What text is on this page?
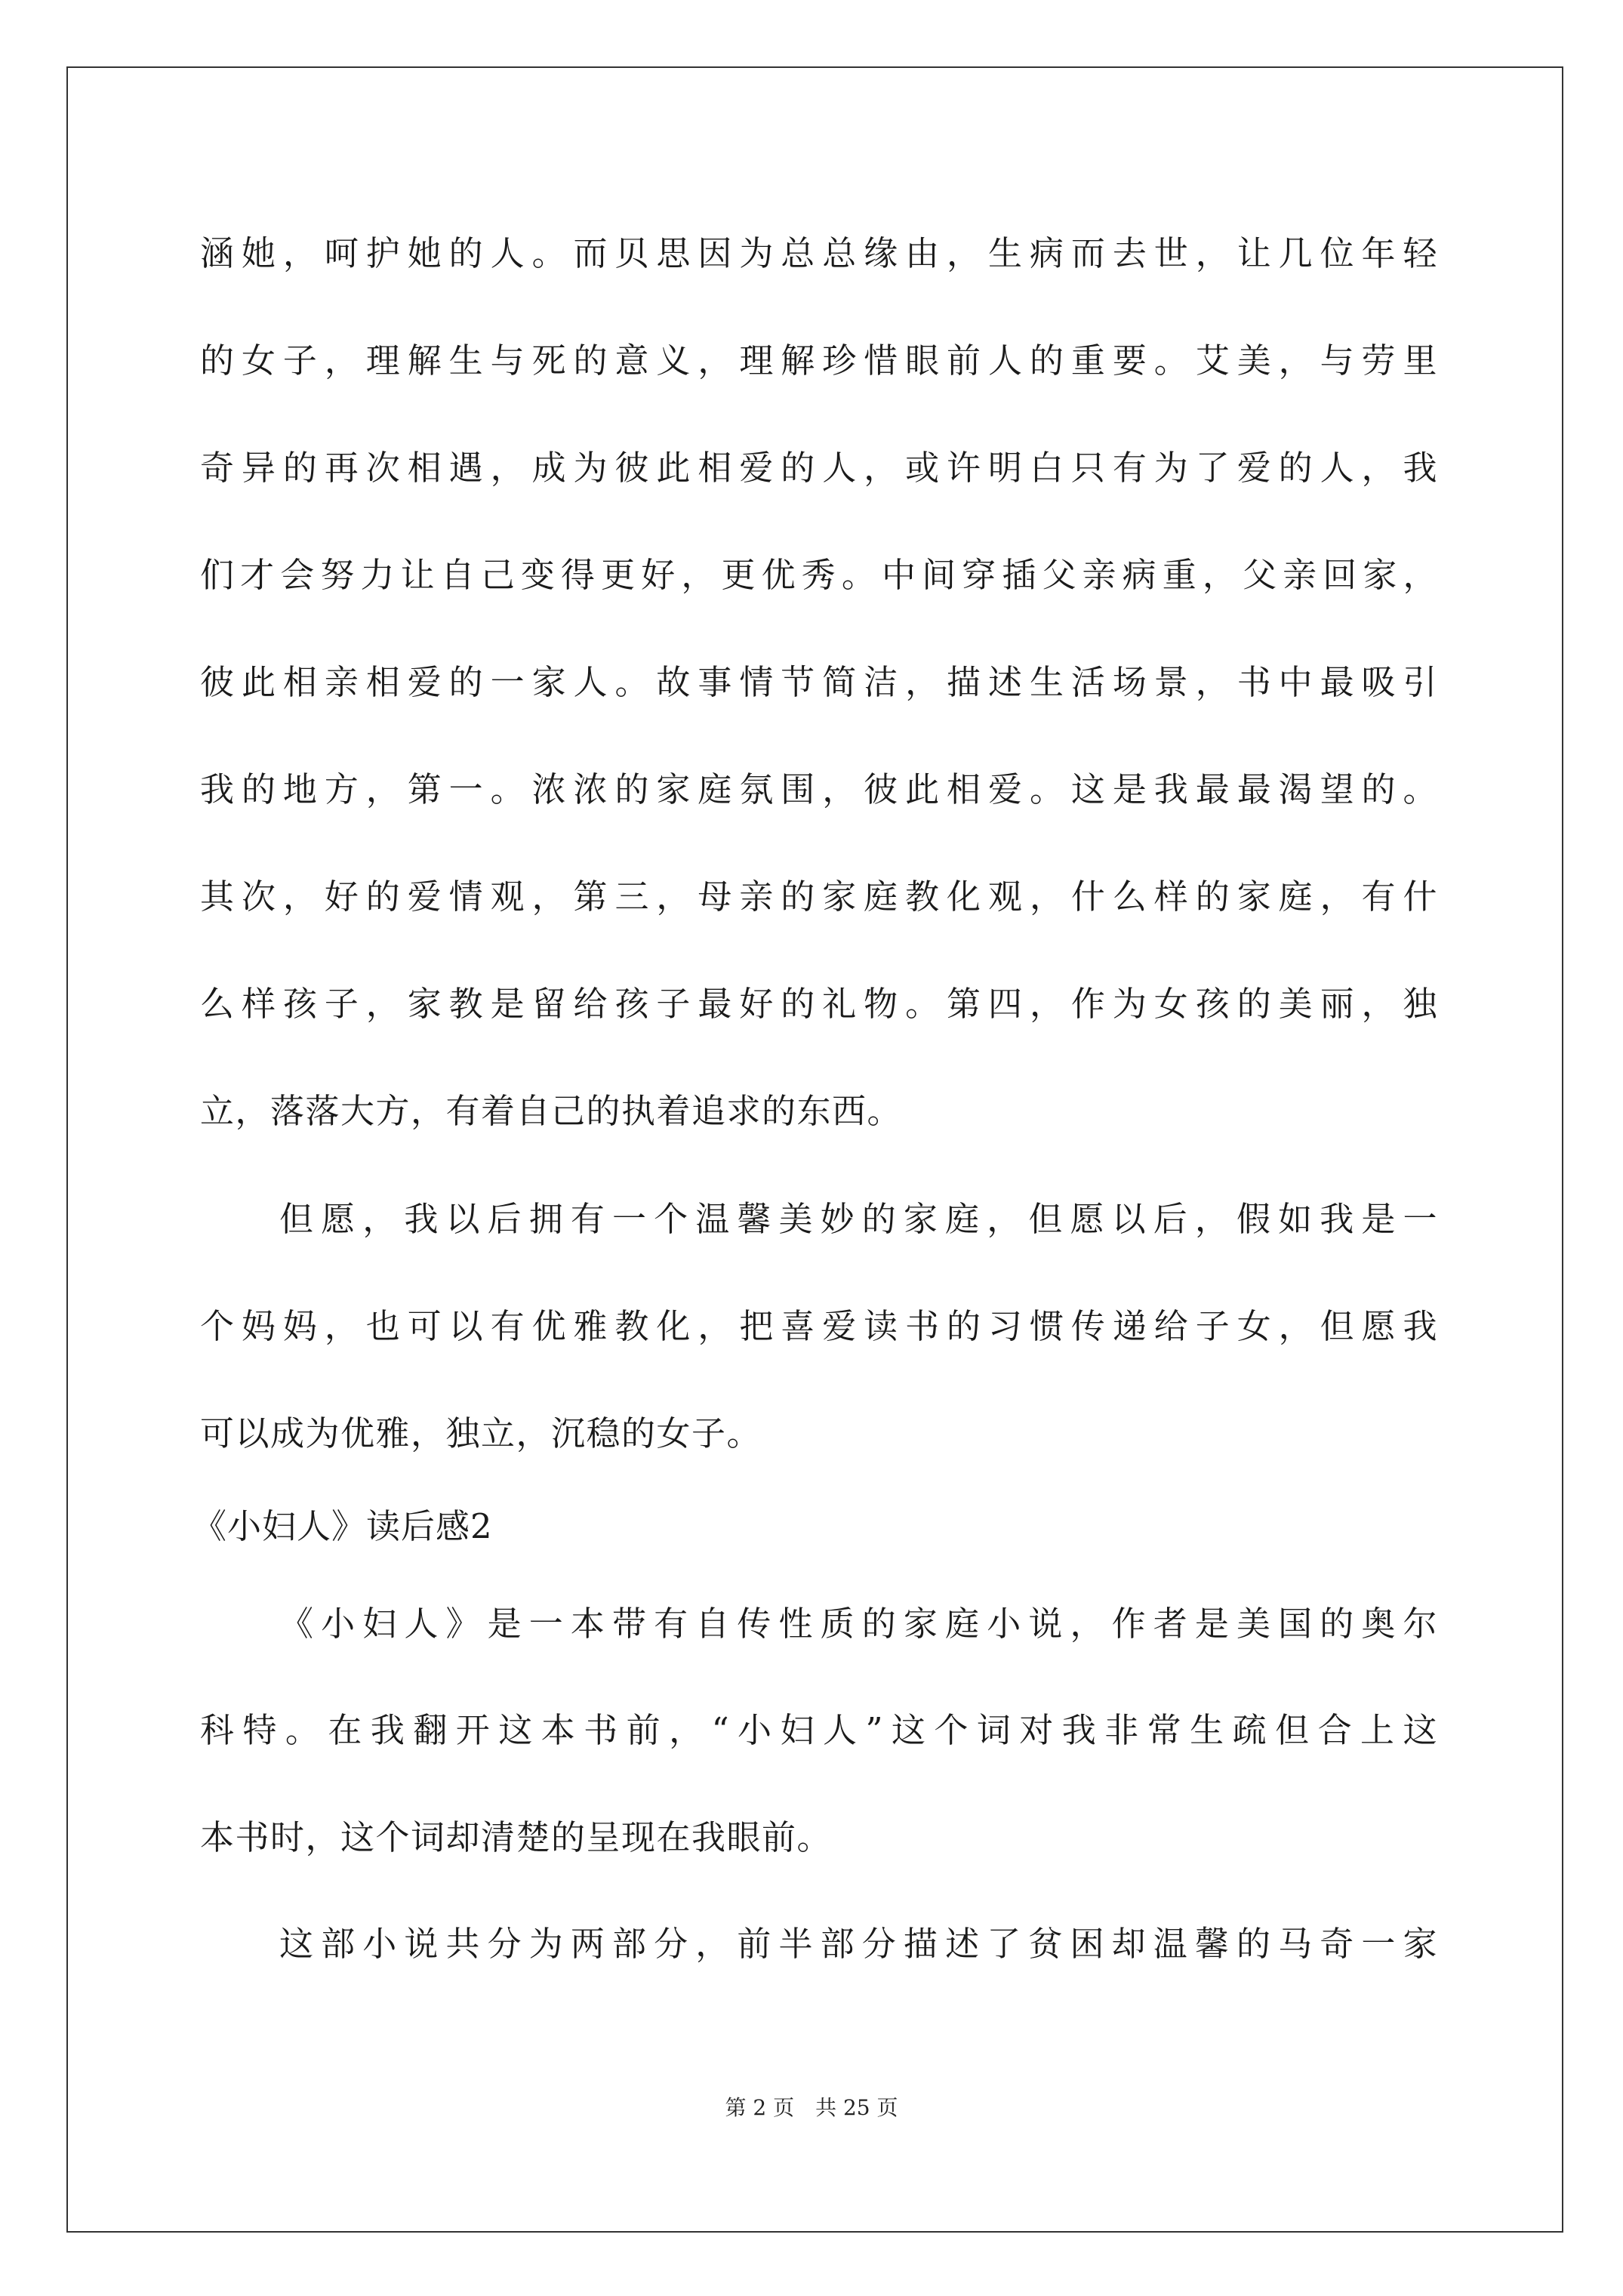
涵她，呵护她的人。而贝思因为总总缘由，生病而去世，让几位年轻
的女子，理解生与死的意义，理解珍惜眼前人的重要。艾美，与劳里
奇异的再次相遇，成为彼此相爱的人，或许明白只有为了爱的人，我
们才会努力让自己变得更好，更优秀。中间穿插父亲病重，父亲回家，
彼此相亲相爱的一家人。故事情节简洁，描述生活场景，书中最吸引
我的地方，第一。浓浓的家庭氛围，彼此相爱。这是我最最渴望的。
其次，好的爱情观，第三，母亲的家庭教化观，什么样的家庭，有什
么样孩子，家教是留给孩子最好的礼物。第四，作为女孩的美丽，独
立，落落大方，有着自己的执着追求的东西。
但愿，我以后拥有一个温馨美妙的家庭，但愿以后，假如我是一
个妈妈，也可以有优雅教化，把喜爱读书的习惯传递给子女，但愿我
可以成为优雅，独立，沉稳的女子。
《小妇人》读后感2
《小妇人》是一本带有自传性质的家庭小说，作者是美国的奥尔
科特。在我翻开这本书前，“小妇人”这个词对我非常生疏但合上这
本书时，这个词却清楚的呈现在我眼前。
这部小说共分为两部分，前半部分描述了贫困却温馨的马奇一家
第 2 页　共 25 页
